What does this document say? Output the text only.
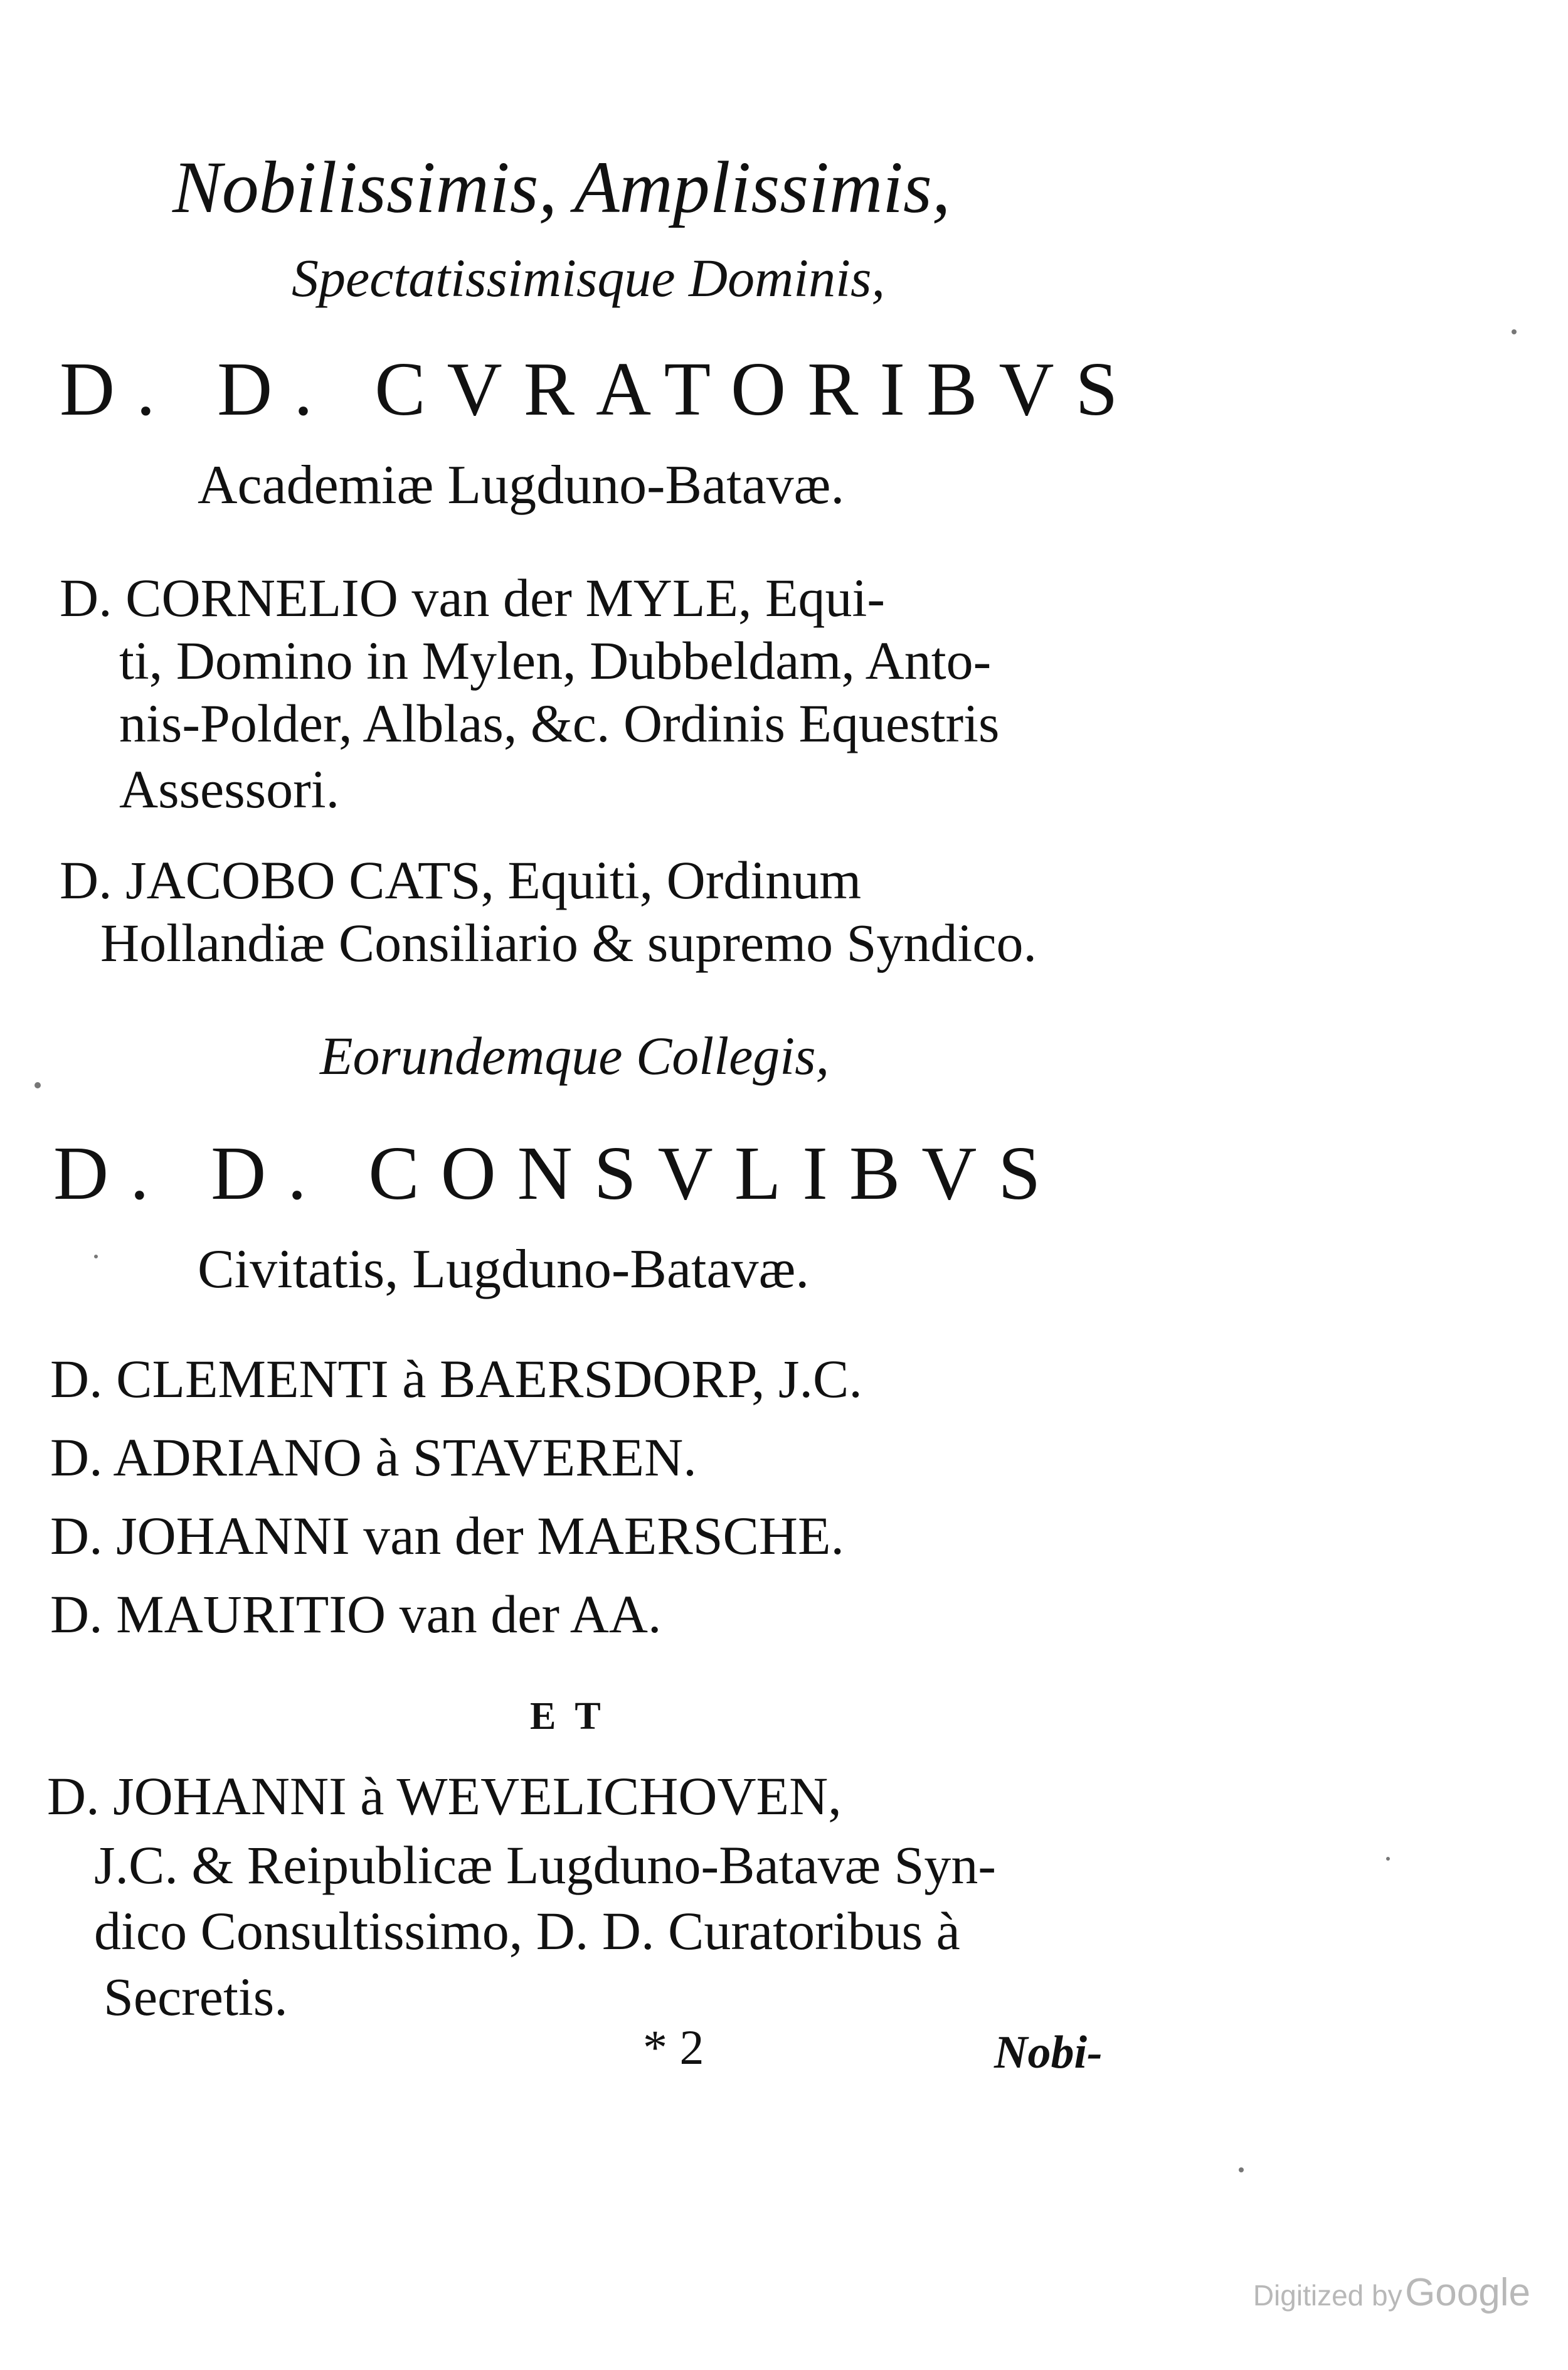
Nobilissimis, Amplissimis,
Spectatissimisque Dominis,
D. D. CVRATORIBVS
Academiæ Lugduno-Batavæ.
D. CORNELIO van der MYLE, Equi-
ti, Domino in Mylen, Dubbeldam, Anto-
nis-Polder, Alblas, &c. Ordinis Equestris
Assessori.
D. JACOBO CATS, Equiti, Ordinum
Hollandiæ Consiliario & supremo Syndico.
Eorundemque Collegis,
D. D. CONSVLIBVS
Civitatis, Lugduno-Batavæ.
D. CLEMENTI à BAERSDORP, J.C.
D. ADRIANO à STAVEREN.
D. JOHANNI van der MAERSCHE.
D. MAURITIO van der AA.
ET
D. JOHANNI à WEVELICHOVEN,
J.C. & Reipublicæ Lugduno-Batavæ Syn-
dico Consultissimo, D. D. Curatoribus à
Secretis.
* 2	Nobi-
Digitized by Google
